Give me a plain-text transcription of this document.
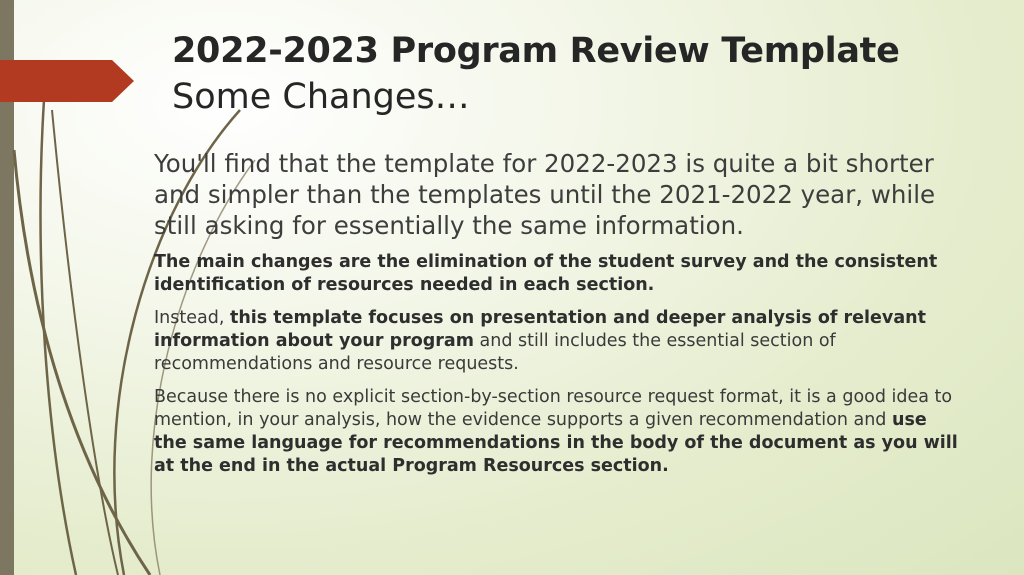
2022-2023 Program Review Template
Some Changes…

You'll find that the template for 2022-2023 is quite a bit shorter and simpler than the templates until the 2021-2022 year, while still asking for essentially the same information.

The main changes are the elimination of the student survey and the consistent identification of resources needed in each section.

Instead, this template focuses on presentation and deeper analysis of relevant information about your program and still includes the essential section of recommendations and resource requests.

Because there is no explicit section-by-section resource request format, it is a good idea to mention, in your analysis, how the evidence supports a given recommendation and use the same language for recommendations in the body of the document as you will at the end in the actual Program Resources section.
